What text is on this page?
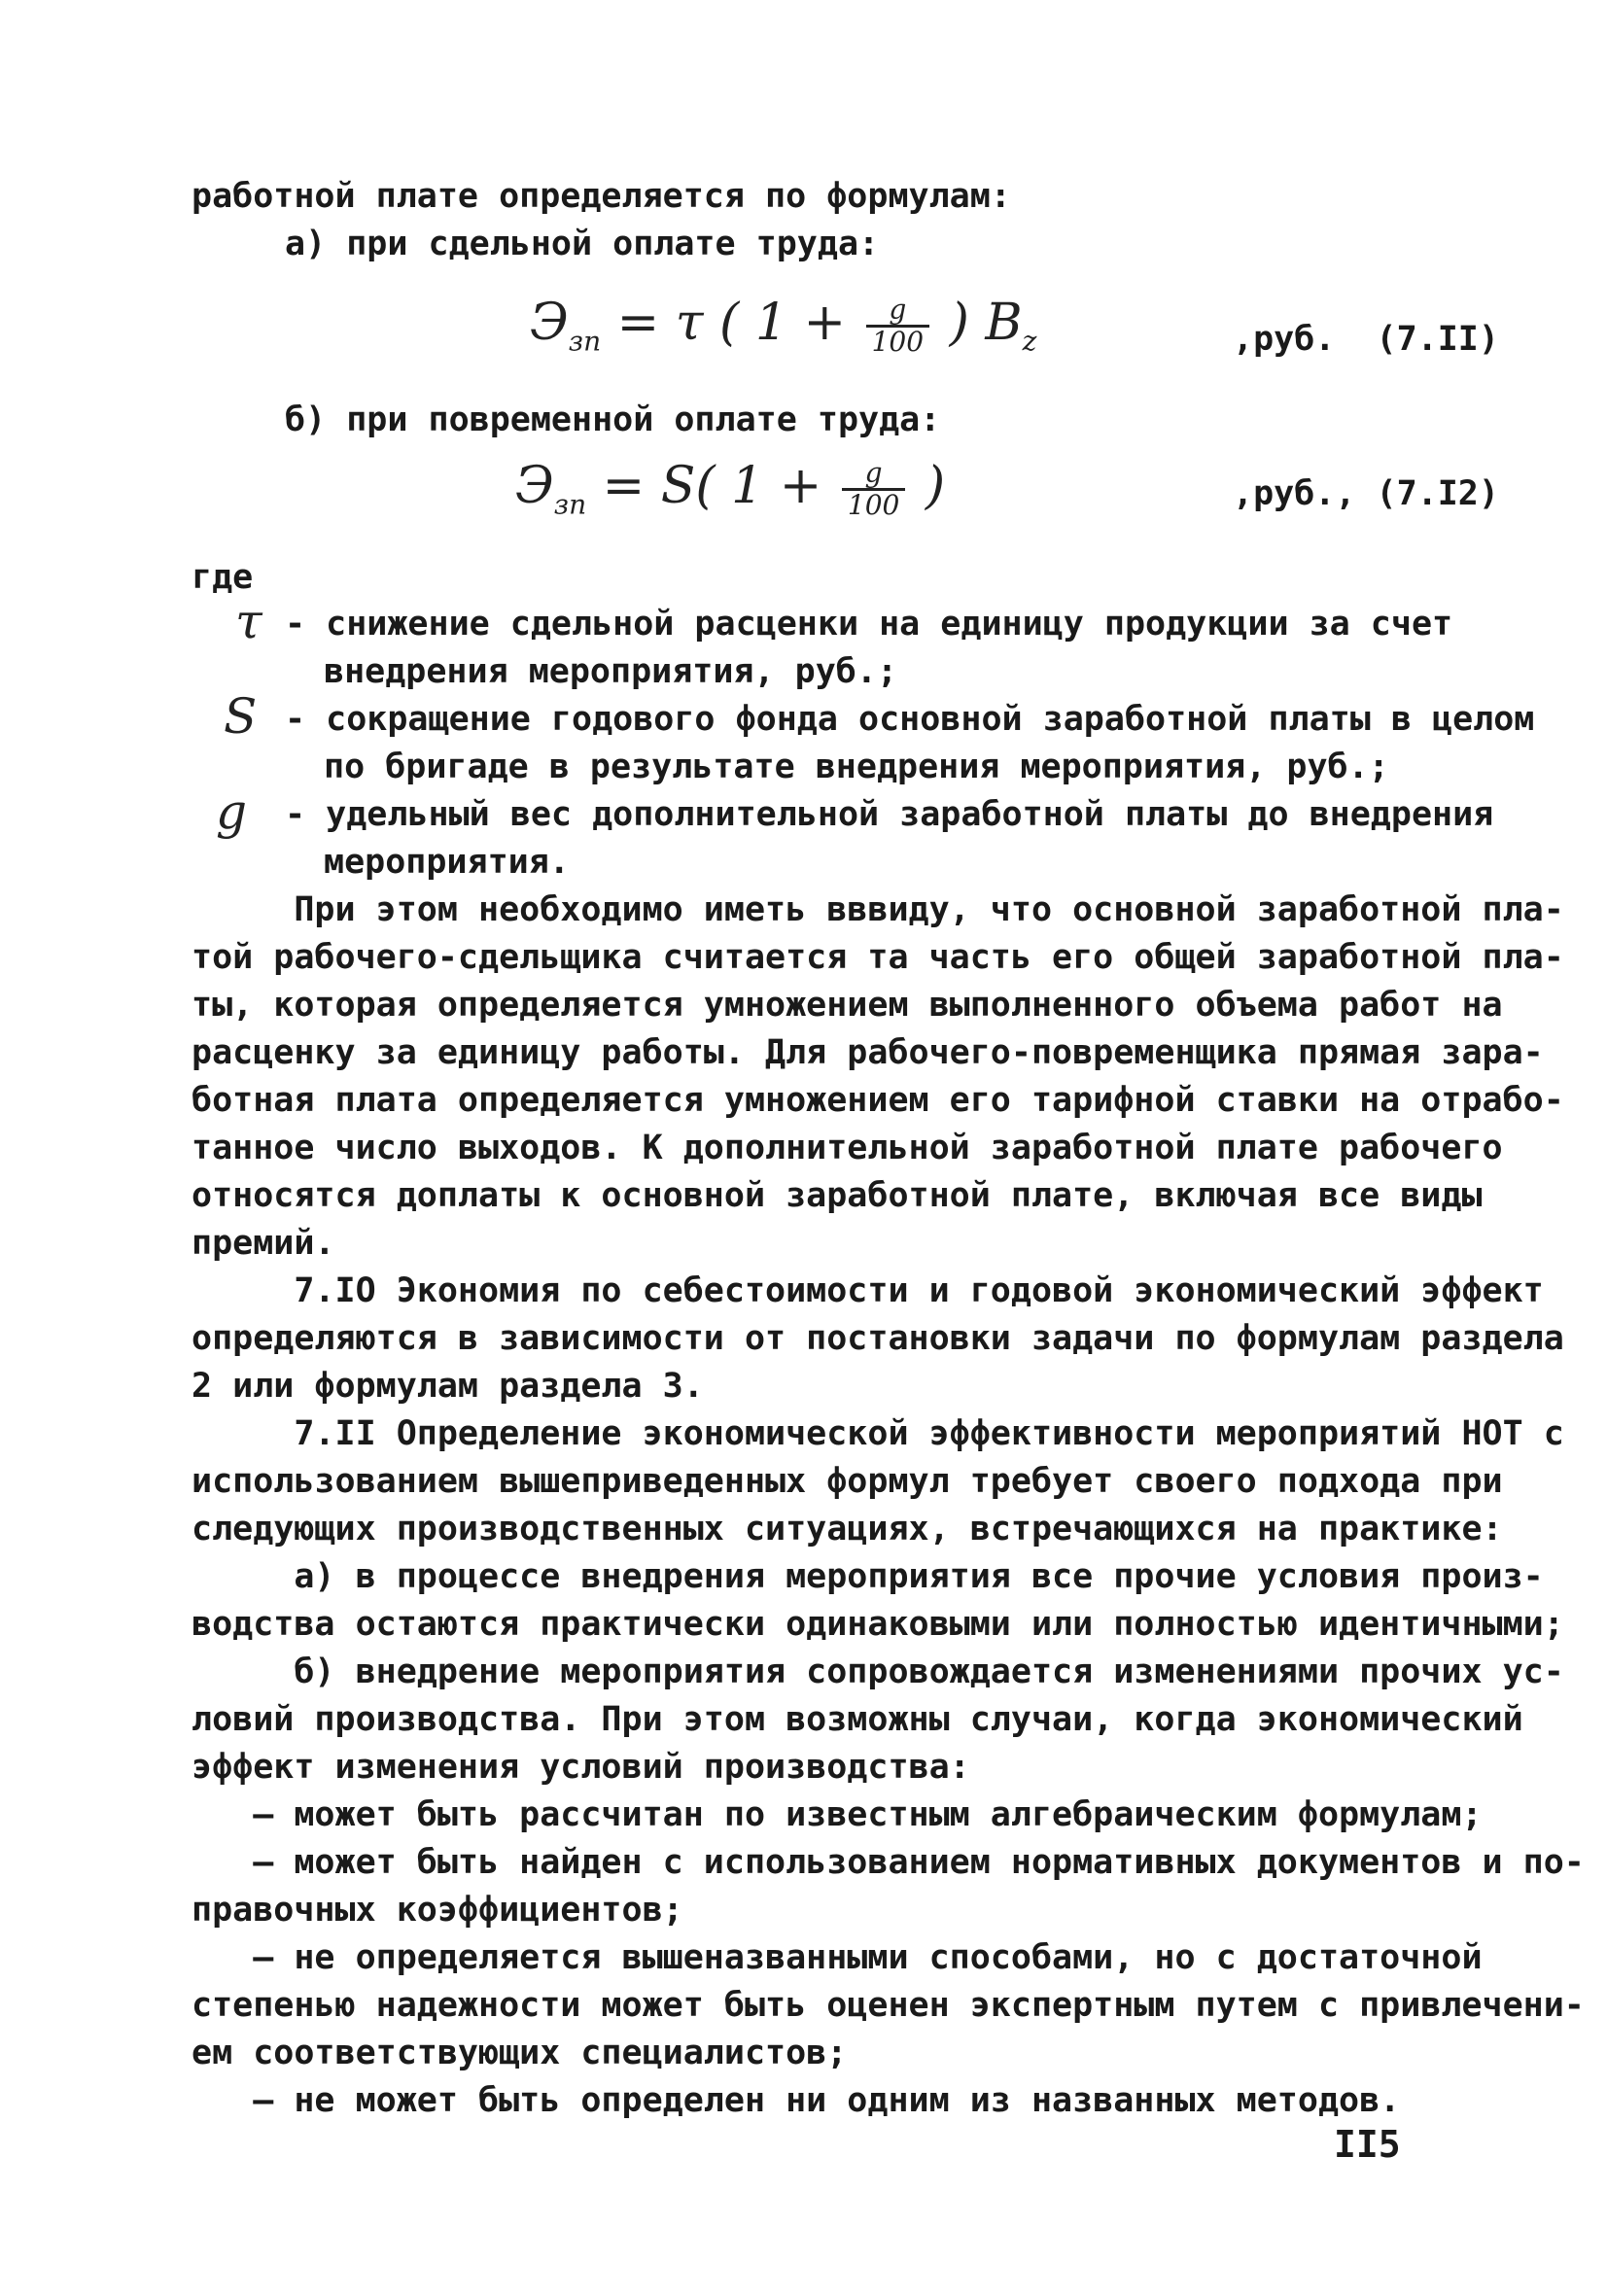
работной плате определяется по формулам:
а) при сдельной оплате труда:
$Э_{зп} = \tau$ ( $1 + \frac{g}{100}$ ) $B_z$	,руб.  (7.II)
б) при повременной оплате труда:
$Э_{зп} = S$( $1 + \frac{g}{100}$ )	,руб., (7.I2)
где
τ - снижение сдельной расценки на единицу продукции за счет
внедрения мероприятия, руб.;
S - сокращение годового фонда основной заработной платы в целом
по бригаде в результате внедрения мероприятия, руб.;
g - удельный вес дополнительной заработной платы до внедрения
мероприятия.
При этом необходимо иметь вввиду, что основной заработной пла-
той рабочего-сдельщика считается та часть его общей заработной пла-
ты, которая определяется умножением выполненного объема работ на
расценку за единицу работы. Для рабочего-повременщика прямая зара-
ботная плата определяется умножением его тарифной ставки на отрабо-
танное число выходов. К дополнительной заработной плате рабочего
относятся доплаты к основной заработной плате, включая все виды
премий.
7.IO Экономия по себестоимости и годовой экономический эффект
определяются в зависимости от постановки задачи по формулам раздела
2 или формулам раздела 3.
7.II Определение экономической эффективности мероприятий НОТ с
использованием вышеприведенных формул требует своего подхода при
следующих производственных ситуациях, встречающихся на практике:
а) в процессе внедрения мероприятия все прочие условия произ-
водства остаются практически одинаковыми или полностью идентичными;
б) внедрение мероприятия сопровождается изменениями прочих ус-
ловий производства. При этом возможны случаи, когда экономический
эффект изменения условий производства:
– может быть рассчитан по известным алгебраическим формулам;
– может быть найден с использованием нормативных документов и по-
правочных коэффициентов;
– не определяется вышеназванными способами, но с достаточной
степенью надежности может быть оценен экспертным путем с привлечени-
ем соответствующих специалистов;
– не может быть определен ни одним из названных методов.
II5
